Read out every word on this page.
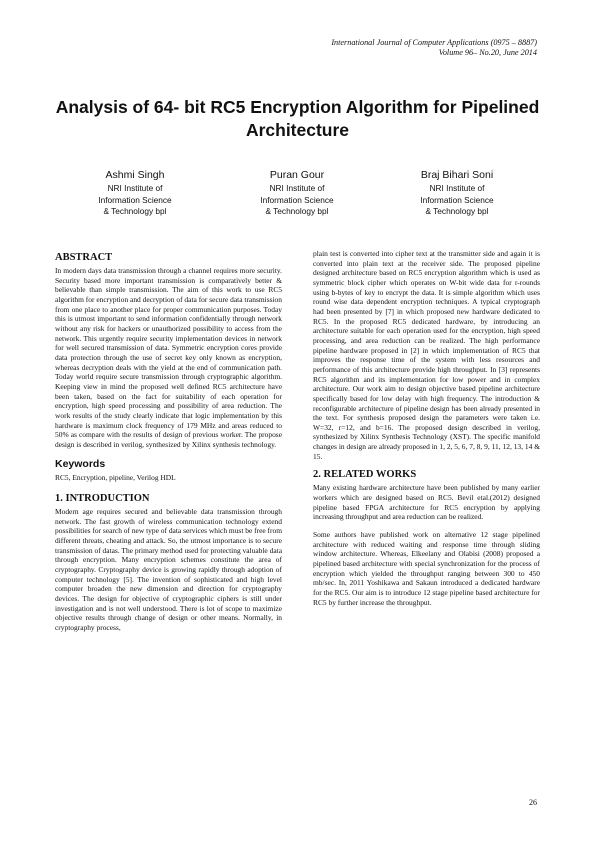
International Journal of Computer Applications (0975 – 8887)
Volume 96– No.20, June 2014
Analysis of 64- bit RC5 Encryption Algorithm for Pipelined Architecture
Ashmi Singh
NRI Institute of
Information Science
& Technology bpl
Puran Gour
NRI Institute of
Information Science
& Technology bpl
Braj Bihari Soni
NRI Institute of
Information Science
& Technology bpl
ABSTRACT

In modern days data transmission through a channel requires more security. Security based more important transmission is comparatively better & believable than simple transmission. The aim of this work to use RC5 algorithm for encryption and decryption of data for secure data transmission from one place to another place for proper communication purposes. Today this is utmost important to send information confidentially through network without any risk for hackers or unauthorized possibility to access from the network. This urgently require security implementation devices in network for well secured transmission of data. Symmetric encryption cores provide data protection through the use of secret key only known as encryption, whereas decryption deals with the yield at the end of communication path. Today world require secure transmission through cryptographic algorithm. Keeping view in mind the proposed well defined RC5 architecture have been taken, based on the fact for suitability of each operation for encryption, high speed processing and possibility of area reduction. The work results of the study clearly indicate that logic implementation by this hardware is maximum clock frequency of 179 MHz and areas reduced to 50% as compare with the results of design of previous worker. The propose design is described in verilog, synthesized by Xilinx synthesis technology.

Keywords

RC5, Encryption, pipeline, Verilog HDL

1. INTRODUCTION

Modern age requires secured and believable data transmission through network. The fast growth of wireless communication technology extend possibilities for search of new type of data services which must be free from different threats, cheating and attack. So, the utmost importance is to secure transmission of datas. The primary method used for protecting valuable data through encryption. Many encryption schemes constitute the area of cryptography. Cryptography device is growing rapidly through adoption of computer technology [5]. The invention of sophisticated and high level computer broaden the new dimension and direction for cryptography devices. The design for objective of cryptographic ciphers is still under investigation and is not well understood. There is lot of scope to maximize objective results through change of design or other means. Normally, in cryptography process,

plain test is converted into cipher text at the transmitter side and again it is converted into plain text at the receiver side. The proposed pipeline designed architecture based on RC5 encryption algorithm which is used as symmetric block cipher which operates on W-bit wide data for r-rounds using b-bytes of key to encrypt the data. It is simple algorithm which uses round wise data dependent encryption techniques. A typical cryptograph had been presented by [7] in which proposed new hardware dedicated to RC5. In the proposed RC5 dedicated hardware, by introducing an architecture suitable for each operation used for the encryption, high speed processing, and area reduction can be realized. The high performance pipeline hardware proposed in [2] in which implementation of RC5 that improves the response time of the system with less resources and performance of this architecture provide high throughput. In [3] represents RC5 algorithm and its implementation for low power and in complex architecture. Our work aim to design objective based pipeline architecture specifically based for low delay with high frequency. The introduction & reconfigurable architecture of pipeline design has been already presented in the text. For synthesis proposed design the parameters were taken i.e. W=32, r=12, and b=16. The proposed design described in verilog, synthesized by Xilinx Synthesis Technology (XST). The specific manifold changes in design are already proposed in 1, 2, 5, 6, 7, 8, 9, 11, 12, 13, 14 & 15.

2. RELATED WORKS

Many existing hardware architecture have been published by many earlier workers which are designed based on RC5. Bevil etal.(2012) designed pipeline based FPGA architecture for RC5 encryption by applying increasing throughput and area reduction can be realized.

Some authors have published work on alternative 12 stage pipelined architecture with reduced waiting and response time through sliding window architecture. Whereas, Elkeelany and Olabisi (2008) proposed a pipelined based architecture with special synchronization for the process of encryption which yielded the throughput ranging between 300 to 450 mb/sec. In, 2011 Yoshikawa and Sakaun introduced a dedicated hardware for the RC5. Our aim is to introduce 12 stage pipeline based architecture for RC5 by further increase the throughput.

26
